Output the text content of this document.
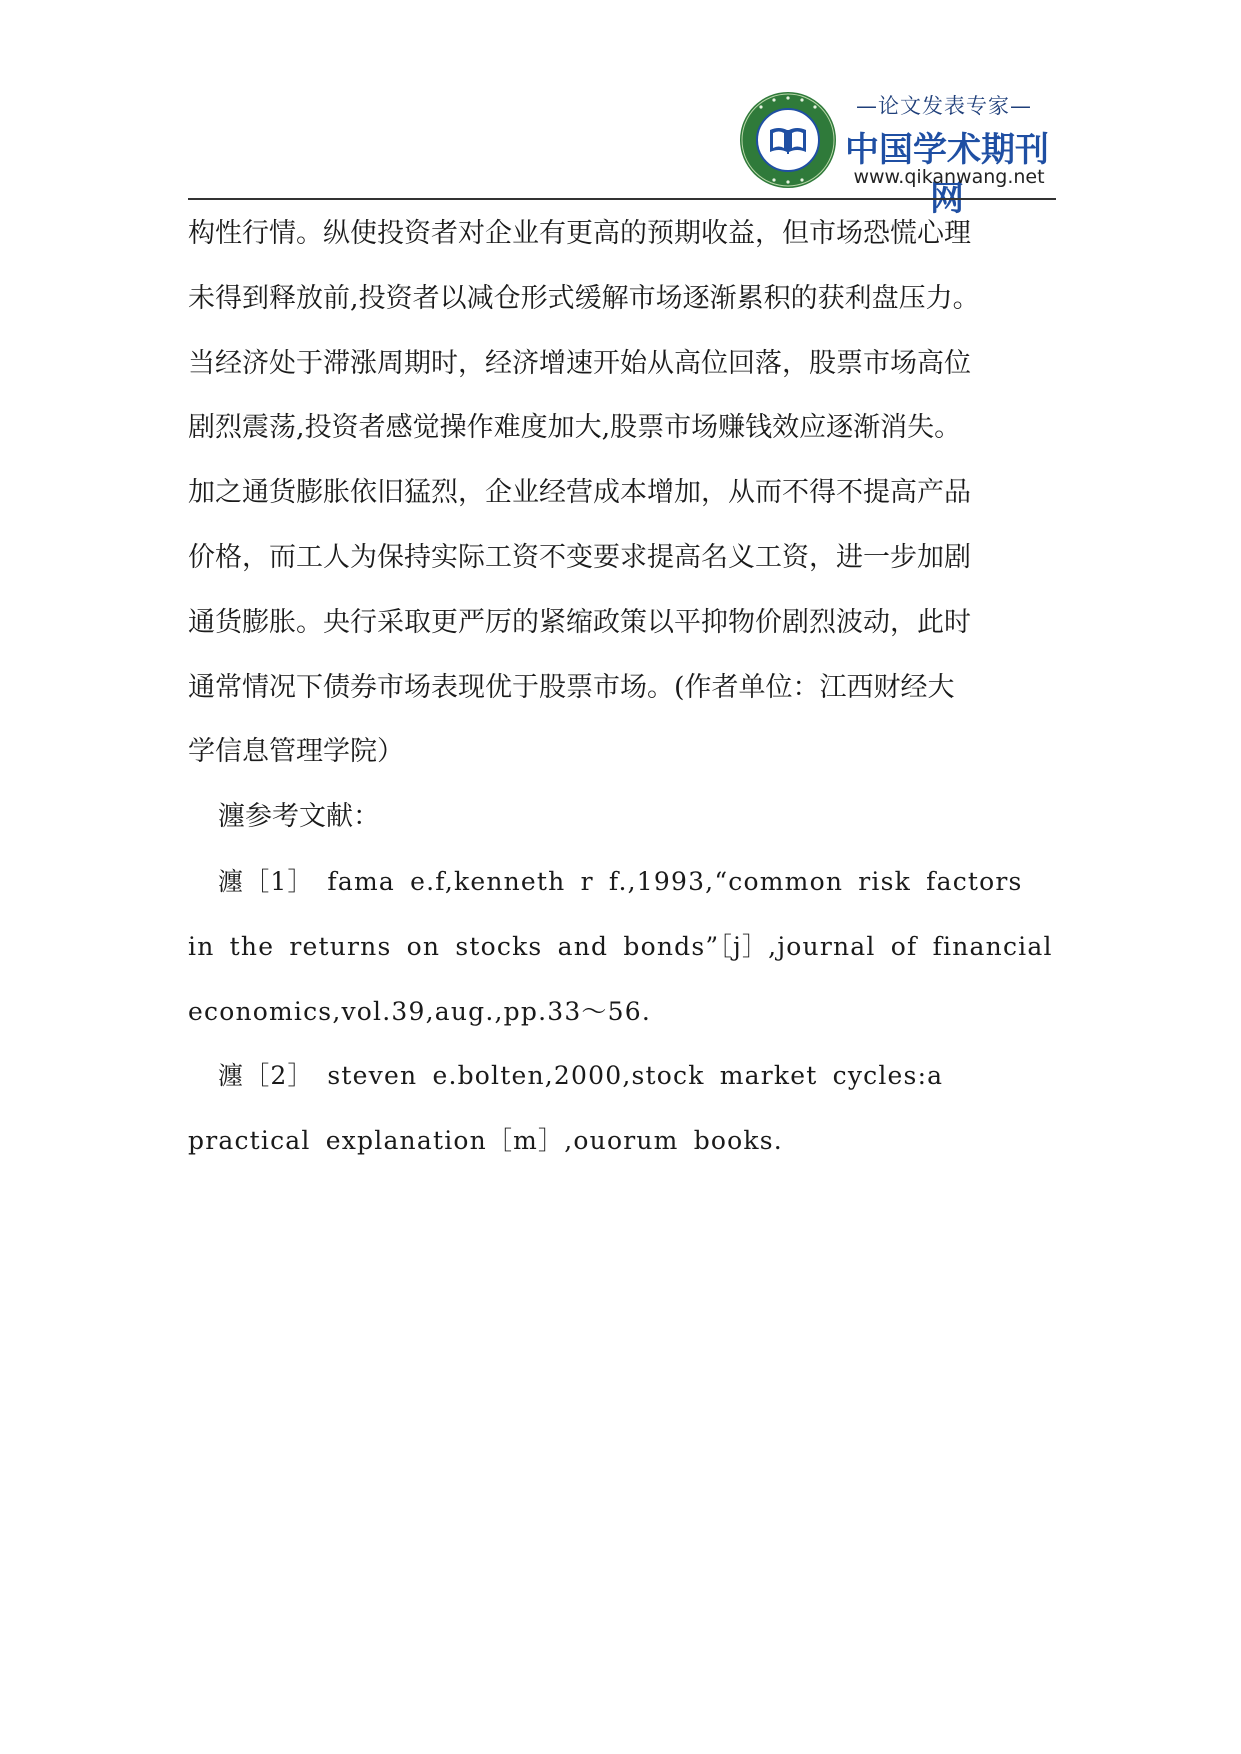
—论文发表专家—
中国学术期刊网
www.qikanwang.net
构性行情。纵使投资者对企业有更高的预期收益，但市场恐慌心理
未得到释放前,投资者以减仓形式缓解市场逐渐累积的获利盘压力。
当经济处于滞涨周期时，经济增速开始从高位回落，股票市场高位
剧烈震荡,投资者感觉操作难度加大,股票市场赚钱效应逐渐消失。
加之通货膨胀依旧猛烈，企业经营成本增加，从而不得不提高产品
价格，而工人为保持实际工资不变要求提高名义工资，进一步加剧
通货膨胀。央行采取更严厉的紧缩政策以平抑物价剧烈波动，此时
通常情况下债券市场表现优于股票市场。(作者单位：江西财经大
学信息管理学院）
瀍参考文献：
瀍［1］　fama e.f,kenneth r f.,1993,“common risk factors
in the returns on stocks and bonds”［j］,journal of financial
economics,vol.39,aug.,pp.33～56.
瀍［2］　steven e.bolten,2000,stock market cycles:a
practical explanation［m］,ouorum books.
